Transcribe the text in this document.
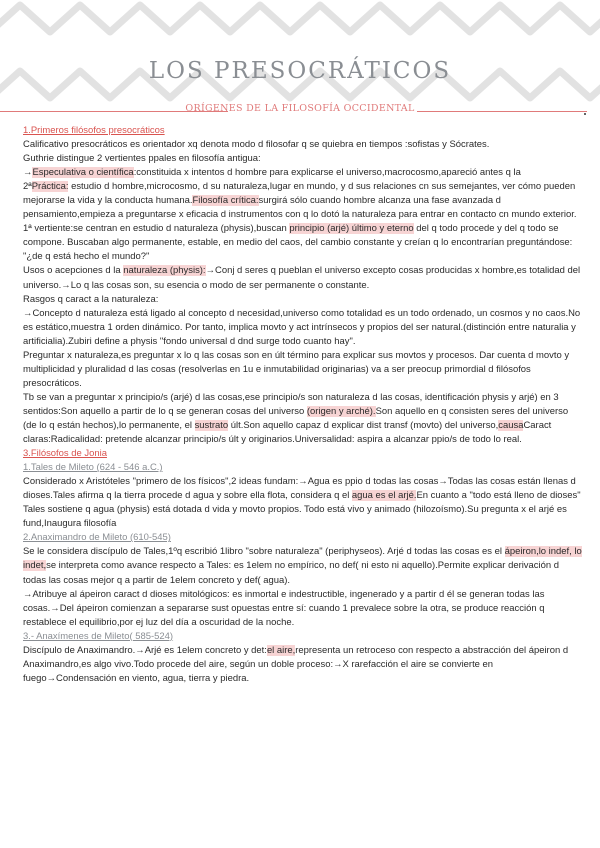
LOS PRESOCRÁTICOS
ORÍGENES DE LA FILOSOFÍA OCCIDENTAL

1.Primeros filósofos presocráticos

Calificativo presocráticos es orientador xq denota modo d filosofar q se quiebra en tiempos :sofistas y Sócrates.

Guthrie distingue 2 vertientes ppales en filosofía antigua:

→Especulativa o científica:constituida x intentos d hombre para explicarse el universo,macrocosmo,apareció antes q la

2ªPráctica: estudio d hombre,microcosmo, d su naturaleza,lugar en mundo, y d sus relaciones cn sus semejantes, ver cómo pueden mejorarse la vida y la conducta humana.Filosofía crítica:surgirá sólo cuando hombre alcanza una fase avanzada d pensamiento,empieza a preguntarse x eficacia d instrumentos con q lo dotó la naturaleza para entrar en contacto cn mundo exterior.

1ª vertiente:se centran en estudio d naturaleza (physis),buscan principio (arjé) último y eterno del q todo procede y del q todo se compone. Buscaban algo permanente, estable, en medio del caos, del cambio constante y creían q lo encontrarían preguntándose: "¿de q está hecho el mundo?"

Usos o acepciones d la naturaleza (physis):→Conj d seres q pueblan el universo excepto cosas producidas x hombre,es totalidad del universo.→Lo q las cosas son, su esencia o modo de ser permanente o constante.

Rasgos q caract a la naturaleza:

→Concepto d naturaleza está ligado al concepto d necesidad,universo como totalidad es un todo ordenado, un cosmos y no caos.No es estático,muestra 1 orden dinámico. Por tanto, implica movto y act intrínsecos y propios del ser natural.(distinción entre naturalia y artificialia).Zubiri define a physis "fondo universal d dnd surge todo cuanto hay".

Preguntar x naturaleza,es preguntar x lo q las cosas son en últ término para explicar sus movtos y procesos. Dar cuenta d movto y multiplicidad y pluralidad d las cosas (resolverlas en 1u e inmutabilidad originarias) va a ser preocup primordial d filósofos presocráticos.

Tb se van a preguntar x principio/s (arjé) d las cosas,ese principio/s son naturaleza d las cosas, identificación physis y arjé) en 3 sentidos:Son aquello a partir de lo q se generan cosas del universo (origen y arché).Son aquello en q consisten seres del universo (de lo q están hechos),lo permanente, el sustrato últ.Son aquello capaz d explicar dist transf (movto) del universo,causaCaract claras:Radicalidad: pretende alcanzar principio/s últ y originarios.Universalidad: aspira a alcanzar ppio/s de todo lo real.

3.Filósofos de Jonia

1.Tales de Mileto (624 - 546 a.C.)

Considerado x Aristóteles "primero de los físicos",2 ideas fundam:→Agua es ppio d todas las cosas→Todas las cosas están llenas d dioses.Tales afirma q la tierra procede d agua y sobre ella flota, considera q el agua es el arjé.En cuanto a "todo está lleno de dioses" Tales sostiene q agua (physis) está dotada d vida y movto propios. Todo está vivo y animado (hilozoísmo).Su pregunta x el arjé es fund,Inaugura filosofía

2.Anaximandro de Mileto (610-545)

Se le considera discípulo de Tales,1ºq escribió 1libro "sobre naturaleza" (periphyseos). Arjé d todas las cosas es el ápeiron,lo indef, lo indet,se interpreta como avance respecto a Tales: es 1elem no empírico, no def( ni esto ni aquello).Permite explicar derivación d todas las cosas mejor q a partir de 1elem concreto y def( agua).

→Atribuye al ápeiron caract d dioses mitológicos: es inmortal e indestructible, ingenerado y a partir d él se generan todas las cosas.→Del ápeiron comienzan a separarse sust opuestas entre sí: cuando 1 prevalece sobre la otra, se produce reacción q restablece el equilibrio,por ej luz del día a oscuridad de la noche.

3.- Anaxímenes de Mileto( 585-524)

Discípulo de Anaximandro.→Arjé es 1elem concreto y det:el aire,representa un retroceso con respecto a abstracción del ápeiron d Anaximandro,es algo vivo.Todo procede del aire, según un doble proceso:→X rarefacción el aire se convierte en fuego→Condensación en viento, agua, tierra y piedra.
